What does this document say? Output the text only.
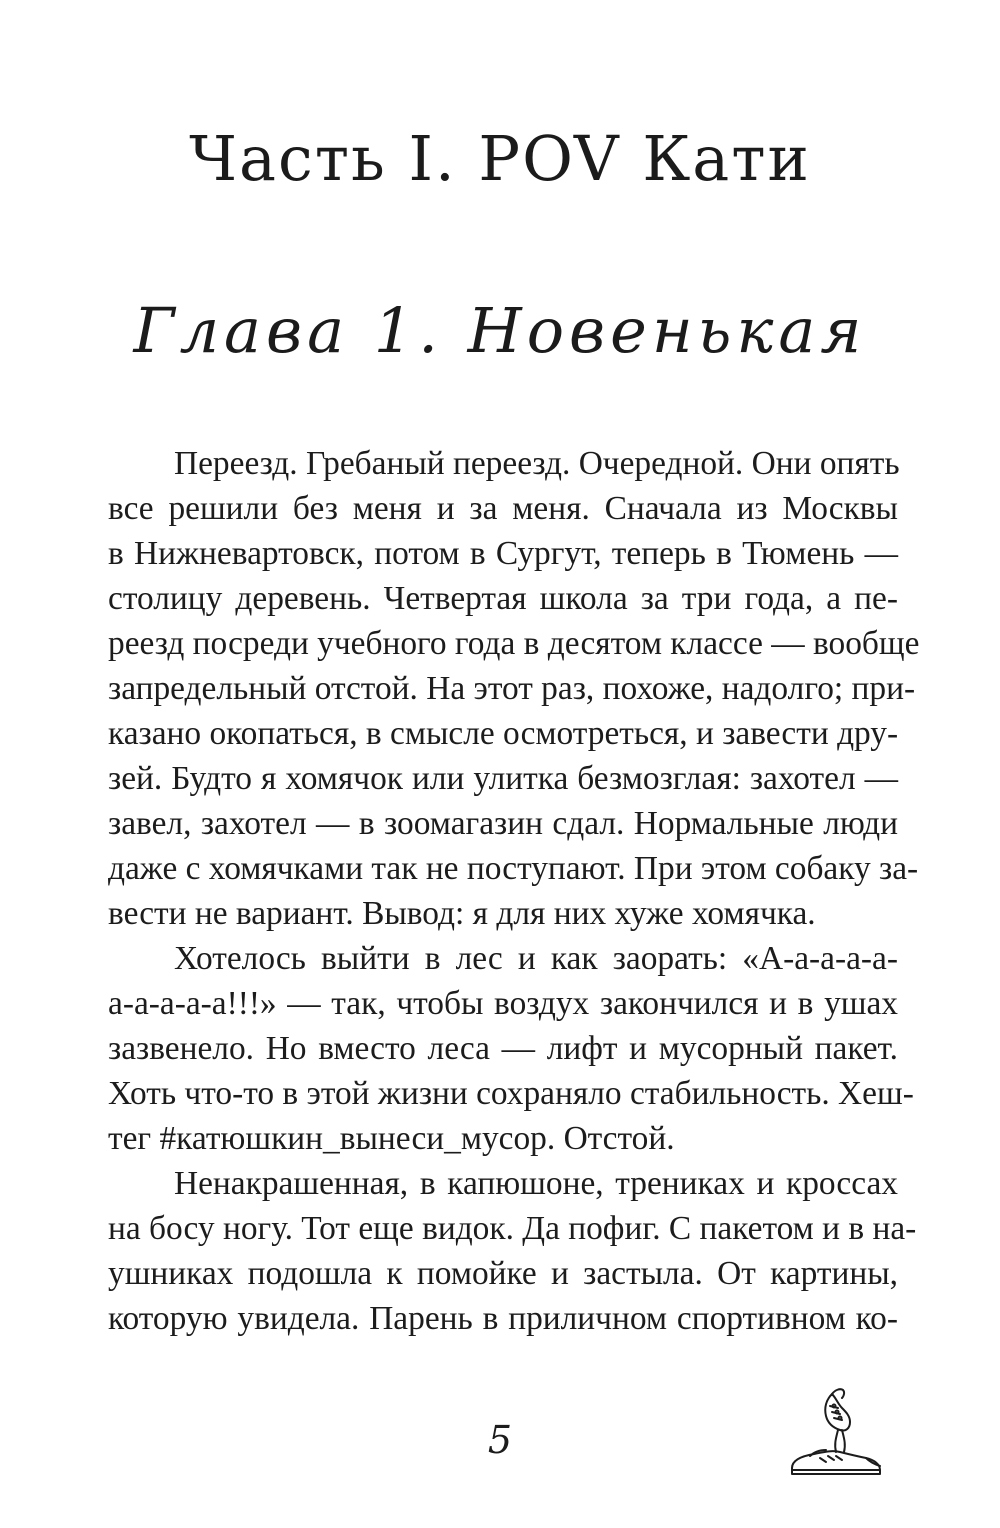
Часть I. POV Кати
Глава 1. Новенькая
Переезд. Гребаный переезд. Очередной. Они опять
все решили без меня и за меня. Сначала из Москвы
в Нижневартовск, потом в Сургут, теперь в Тюмень —
столицу деревень. Четвертая школа за три года, а пе-
реезд посреди учебного года в десятом классе — вообще
запредельный отстой. На этот раз, похоже, надолго; при-
казано окопаться, в смысле осмотреться, и завести дру-
зей. Будто я хомячок или улитка безмозглая: захотел —
завел, захотел — в зоомагазин сдал. Нормальные люди
даже с хомячками так не поступают. При этом собаку за-
вести не вариант. Вывод: я для них хуже хомячка.
Хотелось выйти в лес и как заорать: «А-а-а-а-а-
а-а-а-а-а!!!» — так, чтобы воздух закончился и в ушах
зазвенело. Но вместо леса — лифт и мусорный пакет.
Хоть что-то в этой жизни сохраняло стабильность. Хеш-
тег #катюшкин_вынеси_мусор. Отстой.
Ненакрашенная, в капюшоне, трениках и кроссах
на босу ногу. Тот еще видок. Да пофиг. С пакетом и в на-
ушниках подошла к помойке и застыла. От картины,
которую увидела. Парень в приличном спортивном ко-
5
